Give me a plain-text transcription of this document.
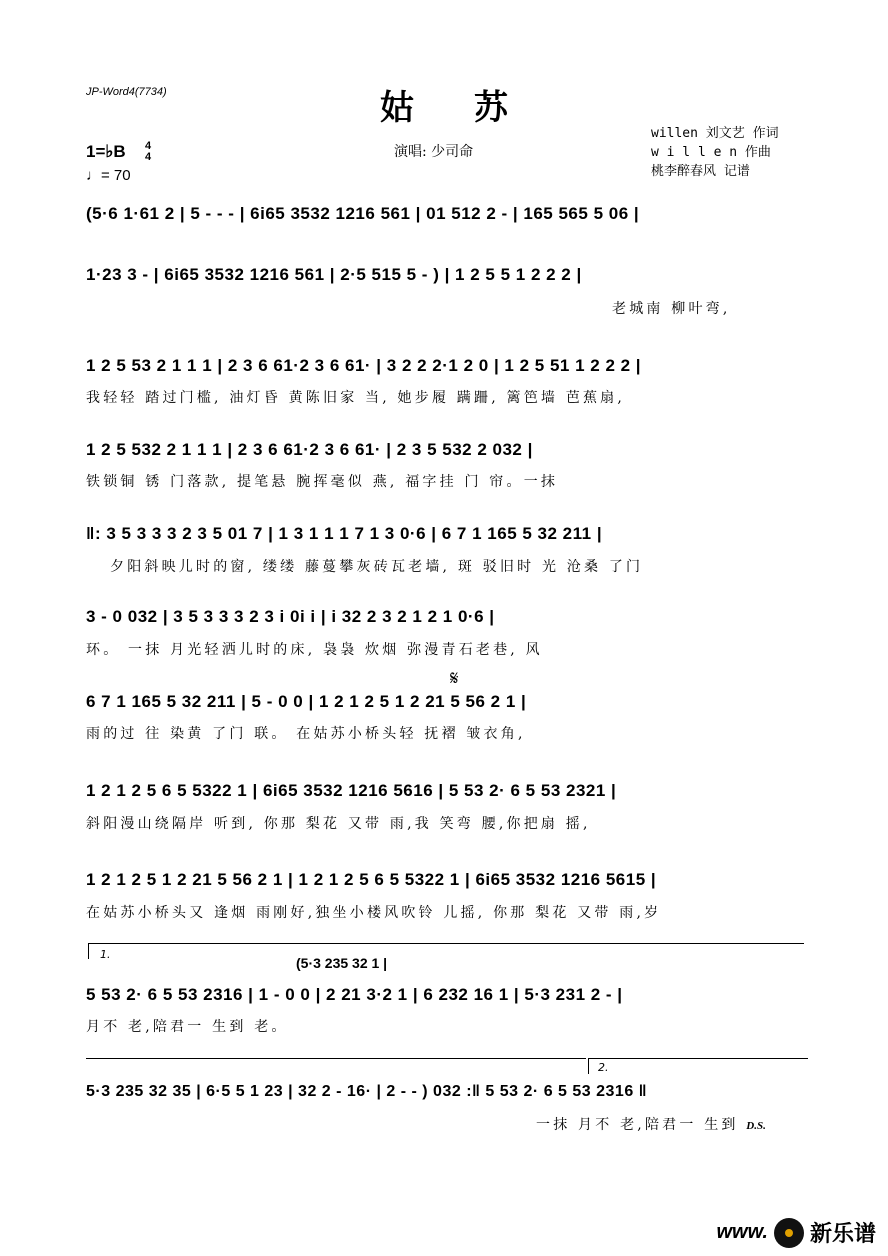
JP-Word4(7734)	姑苏
演唱: 少司命
willen 刘文艺 作词
w i l l e n 作曲
桃李醉春风 记谱
1=♭B 4
4
♩= 70
(5·6 1·61 2 | 5 - - - | 6i65 3532 1216 561 | 01 512 2 - | 165 565 5 06 |
1·23 3 - | 6i65 3532 1216 561 | 2·5 515 5 - ) | 1 2 5 5 1 2 2 2 |
老城南 柳叶弯,
1 2 5 53 2 1 1 1 | 2 3 6 61·2 3 6 61· | 3 2 2 2·1 2 0 | 1 2 5 51 1 2 2 2 |
我轻轻 踏过门槛, 油灯昏 黄陈旧家 当, 她步履 蹒跚, 篱笆墙 芭蕉扇,
1 2 5 532 2 1 1 1 | 2 3 6 61·2 3 6 61· | 2 3 5 532 2 032 |
铁锁铜 锈 门落款, 提笔悬 腕挥毫似 燕, 福字挂 门 帘。一抹
‖: 3 5 3 3 3 2 3 5 01 7 | 1 3 1 1 1 7 1 3 0·6 | 6 7 1 165 5 32 211 |
夕阳斜映儿时的窗, 缕缕 藤蔓攀灰砖瓦老墙, 斑 驳旧时 光 沧桑 了门
3 - 0 032 | 3 5 3 3 3 2 3 i 0i i | i 32 2 3 2 1 2 1 0·6 |
环。 一抹 月光轻洒儿时的床, 袅袅 炊烟 弥漫青石老巷, 风
𝄋
6 7 1 165 5 32 211 | 5 - 0 0 | 1 2 1 2 5 1 2 21 5 56 2 1 |
雨的过 往 染黄 了门 联。 在姑苏小桥头轻 抚褶 皱衣角,
1 2 1 2 5 6 5 5322 1 | 6i65 3532 1216 5616 | 5 53 2· 6 5 53 2321 |
斜阳漫山绕隔岸 听到, 你那 梨花 又带 雨,我 笑弯 腰,你把扇 摇,
1 2 1 2 5 1 2 21 5 56 2 1 | 1 2 1 2 5 6 5 5322 1 | 6i65 3532 1216 5615 |
在姑苏小桥头又 逢烟 雨刚好,独坐小楼风吹铃 儿摇, 你那 梨花 又带 雨,岁
1.
(5·3 235 32 1 |
5 53 2· 6 5 53 2316 | 1 - 0 0 | 2 21 3·2 1 | 6 232 16 1 | 5·3 231 2 - |
月不 老,陪君一 生到 老。
2.
5·3 235 32 35 | 6·5 5 1 23 | 32 2 - 16· | 2 - - ) 032 :‖ 5 53 2· 6 5 53 2316 ‖
一抹 月不 老,陪君一 生到 D.S.
www. 新乐谱
